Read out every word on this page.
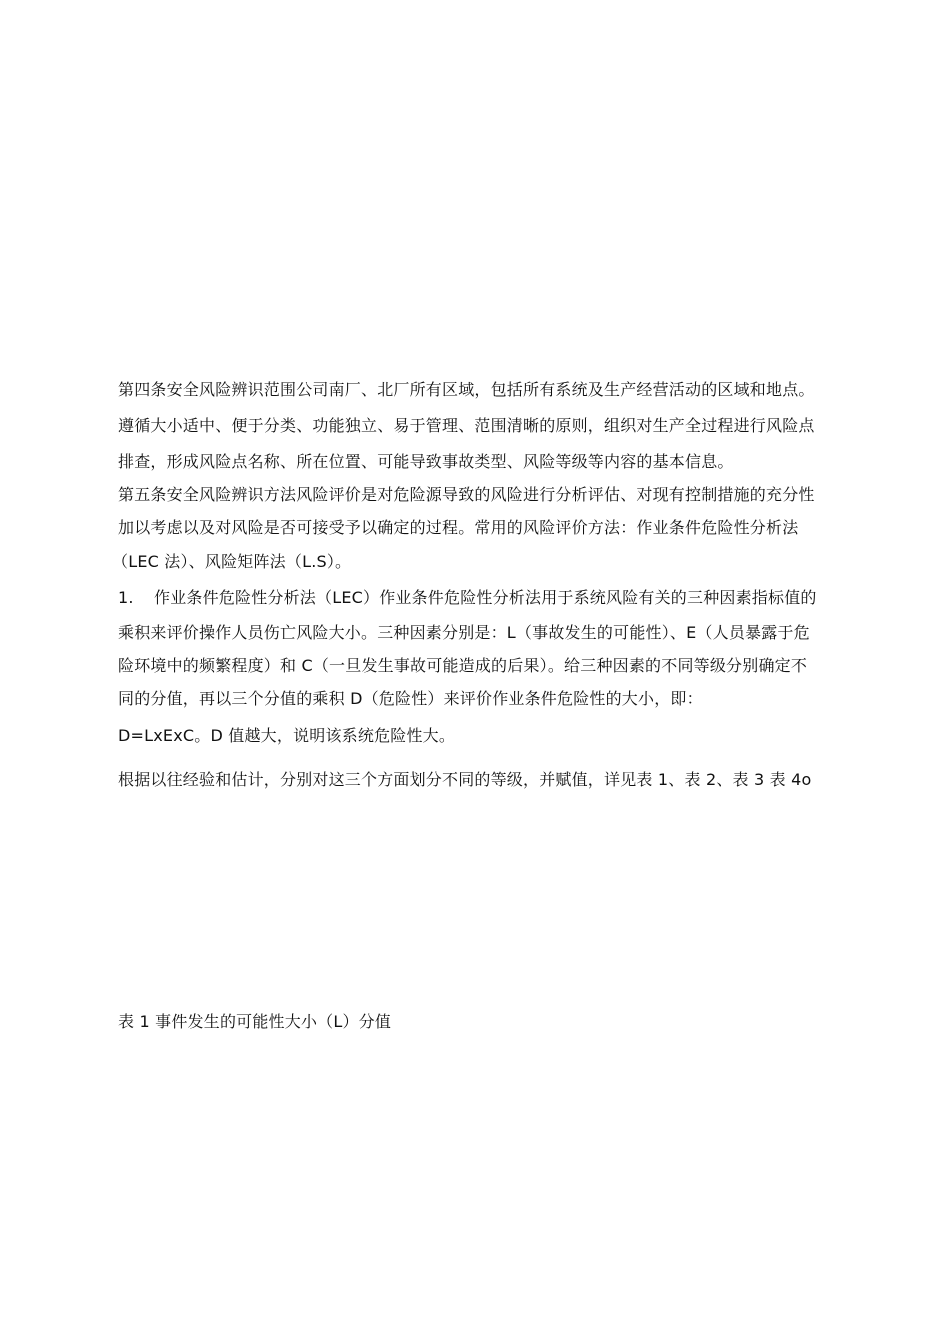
第四条安全风险辨识范围公司南厂、北厂所有区域，包括所有系统及生产经营活动的区域和地点。
遵循大小适中、便于分类、功能独立、易于管理、范围清晰的原则，组织对生产全过程进行风险点
排查，形成风险点名称、所在位置、可能导致事故类型、风险等级等内容的基本信息。
第五条安全风险辨识方法风险评价是对危险源导致的风险进行分析评估、对现有控制措施的充分性
加以考虑以及对风险是否可接受予以确定的过程。常用的风险评价方法：作业条件危险性分析法
（LEC 法）、风险矩阵法（L.S）。
1. 作业条件危险性分析法（LEC）作业条件危险性分析法用于系统风险有关的三种因素指标值的
乘积来评价操作人员伤亡风险大小。三种因素分别是：L（事故发生的可能性）、E（人员暴露于危
险环境中的频繁程度）和 C（一旦发生事故可能造成的后果）。给三种因素的不同等级分别确定不
同的分值，再以三个分值的乘积 D（危险性）来评价作业条件危险性的大小，即：
D=LxExC。D 值越大，说明该系统危险性大。
根据以往经验和估计，分别对这三个方面划分不同的等级，并赋值，详见表 1、表 2、表 3 表 4o
表 1 事件发生的可能性大小（L）分值
